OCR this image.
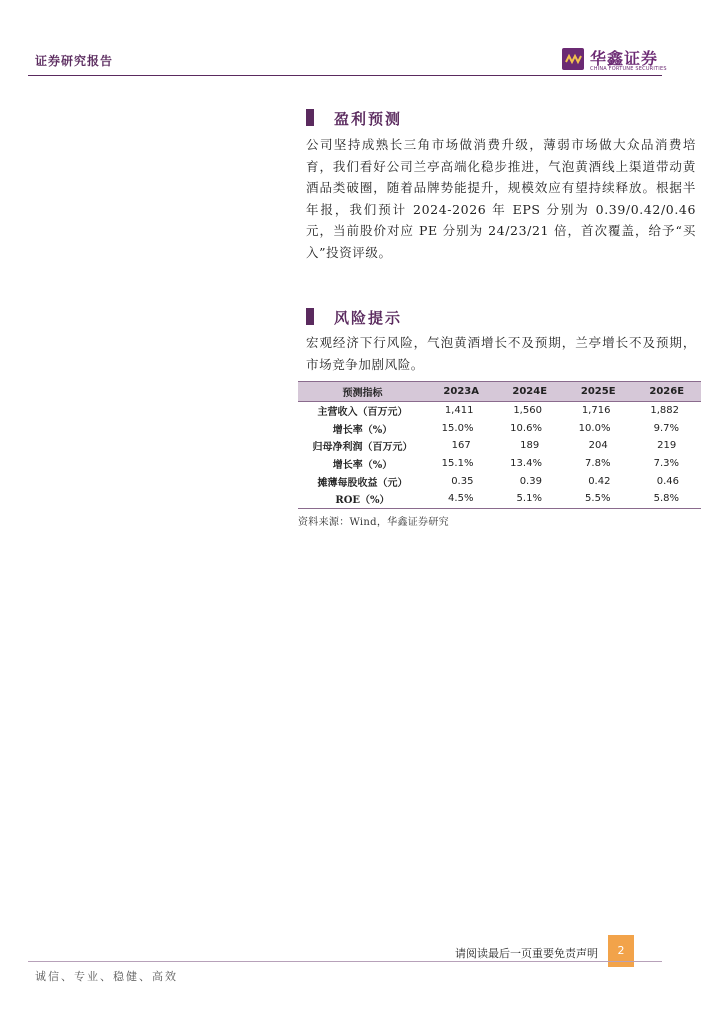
证券研究报告	华鑫证券
CHINA FORTUNE SECURITIES
盈利预测
公司坚持成熟长三角市场做消费升级，薄弱市场做大众品消费培育，我们看好公司兰亭高端化稳步推进，气泡黄酒线上渠道带动黄酒品类破圈，随着品牌势能提升，规模效应有望持续释放。根据半年报，我们预计 2024-2026 年 EPS 分别为 0.39/0.42/0.46 元，当前股价对应 PE 分别为 24/23/21 倍，首次覆盖，给予“买入”投资评级。
风险提示
宏观经济下行风险，气泡黄酒增长不及预期，兰亭增长不及预期，市场竞争加剧风险。
预测指标	2023A	2024E	2025E	2026E
主营收入（百万元）	1,411	1,560	1,716	1,882
增长率（%）	15.0%	10.6%	10.0%	9.7%
归母净利润（百万元）	167	189	204	219
增长率（%）	15.1%	13.4%	7.8%	7.3%
摊薄每股收益（元）	0.35	0.39	0.42	0.46
ROE（%）	4.5%	5.1%	5.5%	5.8%
资料来源：Wind，华鑫证券研究
请阅读最后一页重要免责声明	2
诚信、专业、稳健、高效
